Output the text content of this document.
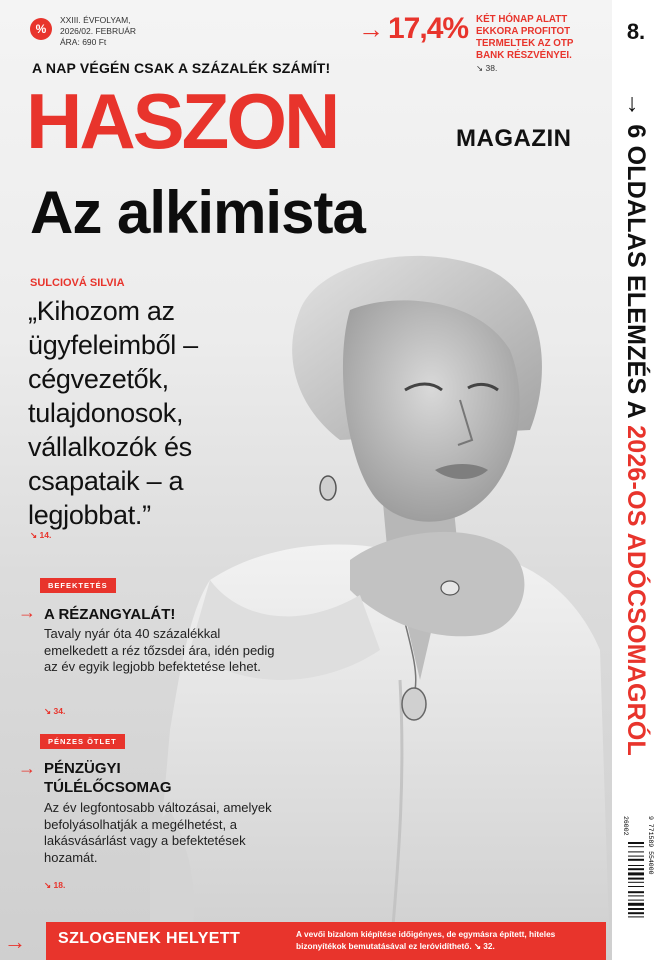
%
XXIII. ÉVFOLYAM,
2026/02. FEBRUÁR
ÁRA: 690 Ft
A NAP VÉGÉN CSAK A SZÁZALÉK SZÁMÍT!
→ 17,4% KÉT HÓNAP ALATT
EKKORA PROFITOT
TERMELTEK AZ OTP
BANK RÉSZVÉNYEI.
↘ 38.
HASZON	MAGAZIN
Az alkimista
SULCIOVÁ SILVIA
„Kihozom az ügyfeleimből – cégvezetők, tulajdonosok, vállalkozók és csapataik – a legjobbat.”
↘ 14.
BEFEKTETÉS
→ A RÉZANGYALÁT!
Tavaly nyár óta 40 százalékkal emelkedett a réz tőzsdei ára, idén pedig az év egyik legjobb befektetése lehet.
↘ 34.
PÉNZES ÖTLET
→ PÉNZÜGYI TÚLÉLŐCSOMAG
Az év legfontosabb változásai, amelyek befolyásolhatják a megélhetést, a lakásvásárlást vagy a befektetések hozamát.
↘ 18.
8.
→ 6 OLDALAS ELEMZÉS A 2026-OS ADÓCSOMAGRÓL
26002	9 771589 554000
→ SZLOGENEK HELYETT	A vevői bizalom kiépítése időigényes, de egymásra épített, hiteles bizonyítékok bemutatásával ez leróvidíthető. ↘ 32.
